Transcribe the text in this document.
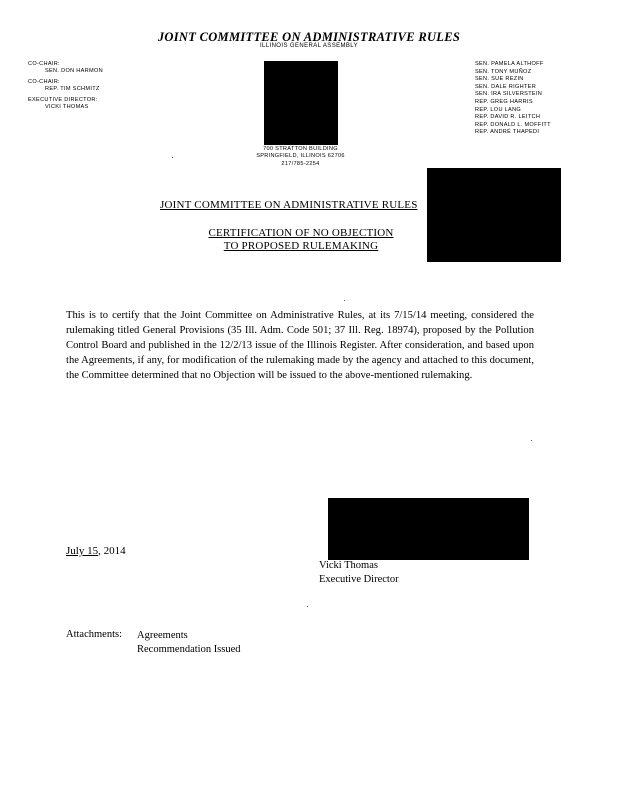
JOINT COMMITTEE ON ADMINISTRATIVE RULES
ILLINOIS GENERAL ASSEMBLY
CO-CHAIR:
SEN. DON HARMON
CO-CHAIR:
REP. TIM SCHMITZ
EXECUTIVE DIRECTOR:
VICKI THOMAS
SEN. PAMELA ALTHOFF
SEN. TONY MUÑOZ
SEN. SUE REZIN
SEN. DALE RIGHTER
SEN. IRA SILVERSTEIN
REP. GREG HARRIS
REP. LOU LANG
REP. DAVID R. LEITCH
REP. DONALD L. MOFFITT
REP. ANDRÉ THAPEDI
700 STRATTON BUILDING
SPRINGFIELD, ILLINOIS 62706
217/785-2254
JOINT COMMITTEE ON ADMINISTRATIVE RULES
CERTIFICATION OF NO OBJECTION
TO PROPOSED RULEMAKING
This is to certify that the Joint Committee on Administrative Rules, at its 7/15/14 meeting, considered the rulemaking titled General Provisions (35 Ill. Adm. Code 501; 37 Ill. Reg. 18974), proposed by the Pollution Control Board and published in the 12/2/13 issue of the Illinois Register. After consideration, and based upon the Agreements, if any, for modification of the rulemaking made by the agency and attached to this document, the Committee determined that no Objection will be issued to the above-mentioned rulemaking.
July 15, 2014
Vicki Thomas
Executive Director
Attachments: Agreements
Recommendation Issued
